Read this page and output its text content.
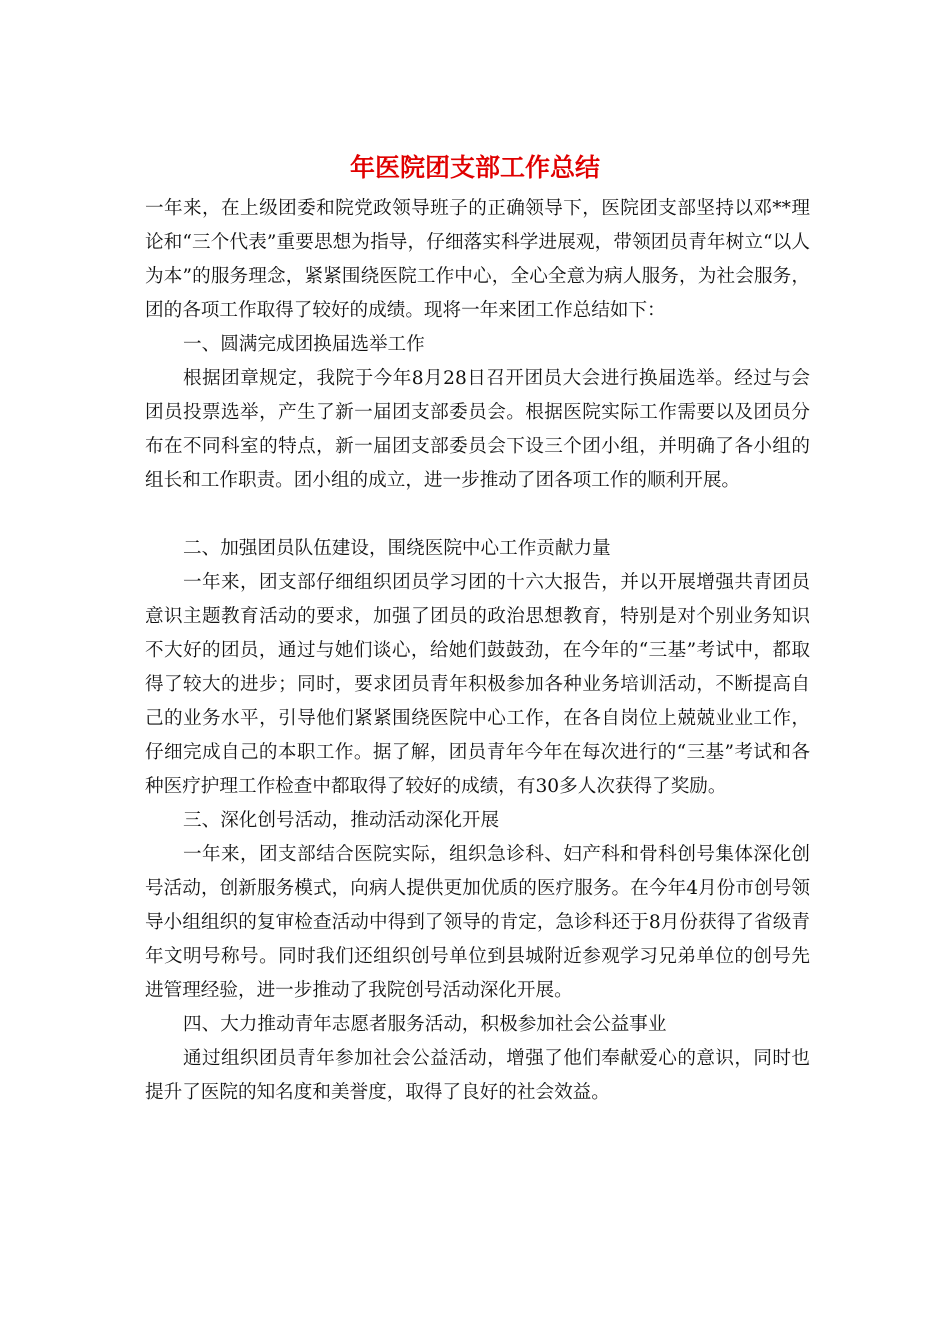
年医院团支部工作总结

一年来，在上级团委和院党政领导班子的正确领导下，医院团支部坚持以邓**理论和“三个代表”重要思想为指导，仔细落实科学进展观，带领团员青年树立“以人为本”的服务理念，紧紧围绕医院工作中心，全心全意为病人服务，为社会服务，团的各项工作取得了较好的成绩。现将一年来团工作总结如下：

一、圆满完成团换届选举工作

根据团章规定，我院于今年8月28日召开团员大会进行换届选举。经过与会团员投票选举，产生了新一届团支部委员会。根据医院实际工作需要以及团员分布在不同科室的特点，新一届团支部委员会下设三个团小组，并明确了各小组的组长和工作职责。团小组的成立，进一步推动了团各项工作的顺利开展。

二、加强团员队伍建设，围绕医院中心工作贡献力量

一年来，团支部仔细组织团员学习团的十六大报告，并以开展增强共青团员意识主题教育活动的要求，加强了团员的政治思想教育，特别是对个别业务知识不大好的团员，通过与她们谈心，给她们鼓鼓劲，在今年的“三基”考试中，都取得了较大的进步；同时，要求团员青年积极参加各种业务培训活动，不断提高自己的业务水平，引导他们紧紧围绕医院中心工作，在各自岗位上兢兢业业工作，仔细完成自己的本职工作。据了解，团员青年今年在每次进行的“三基”考试和各种医疗护理工作检查中都取得了较好的成绩，有30多人次获得了奖励。

三、深化创号活动，推动活动深化开展

一年来，团支部结合医院实际，组织急诊科、妇产科和骨科创号集体深化创号活动，创新服务模式，向病人提供更加优质的医疗服务。在今年4月份市创号领导小组组织的复审检查活动中得到了领导的肯定，急诊科还于8月份获得了省级青年文明号称号。同时我们还组织创号单位到县城附近参观学习兄弟单位的创号先进管理经验，进一步推动了我院创号活动深化开展。

四、大力推动青年志愿者服务活动，积极参加社会公益事业

通过组织团员青年参加社会公益活动，增强了他们奉献爱心的意识，同时也提升了医院的知名度和美誉度，取得了良好的社会效益。
